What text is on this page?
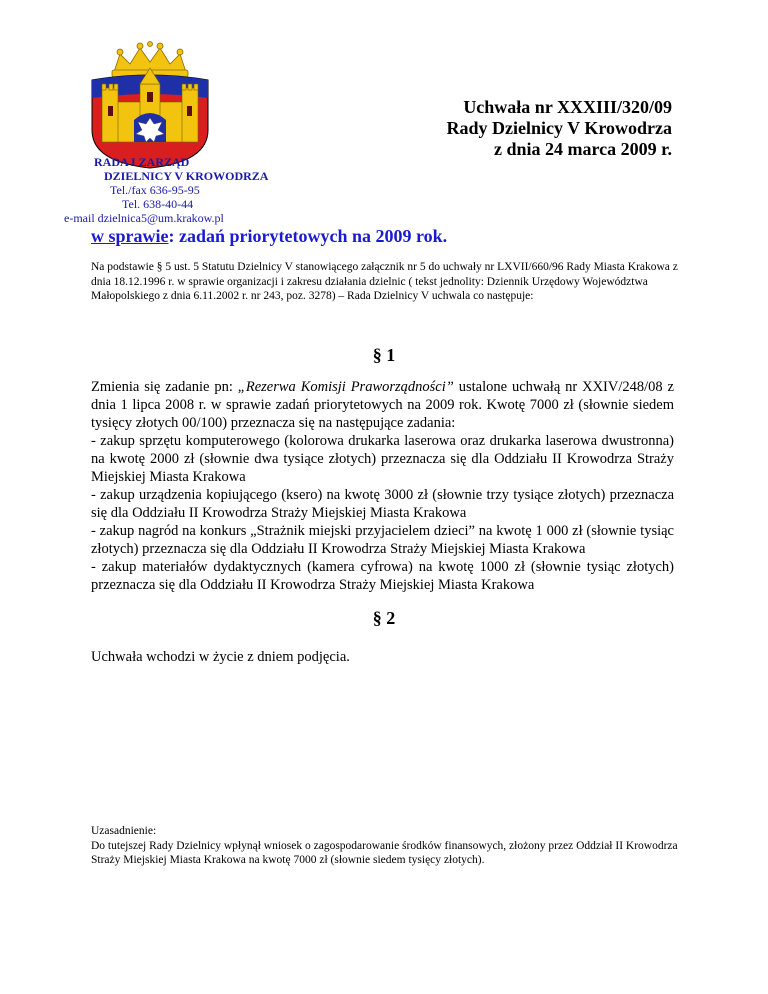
Uchwała nr XXXIII/320/09
Rady Dzielnicy V Krowodrza
z dnia 24 marca 2009 r.
RADA I ZARZĄD
DZIELNICY V KROWODRZA
Tel./fax 636-95-95
Tel. 638-40-44
e-mail dzielnica5@um.krakow.pl
w sprawie: zadań priorytetowych na 2009 rok.
Na podstawie § 5 ust. 5 Statutu Dzielnicy V stanowiącego załącznik nr 5 do uchwały nr LXVII/660/96 Rady Miasta Krakowa z dnia 18.12.1996 r. w sprawie organizacji i zakresu działania dzielnic ( tekst jednolity: Dziennik Urzędowy Województwa Małopolskiego z dnia 6.11.2002 r. nr 243, poz. 3278) – Rada Dzielnicy V uchwala co następuje:
§ 1
Zmienia się zadanie pn: „Rezerwa Komisji Praworządności” ustalone uchwałą nr XXIV/248/08 z dnia 1 lipca 2008 r. w sprawie zadań priorytetowych na 2009 rok. Kwotę 7000 zł (słownie siedem tysięcy złotych 00/100) przeznacza się na następujące zadania:
- zakup sprzętu komputerowego (kolorowa drukarka laserowa oraz drukarka laserowa dwustronna) na kwotę 2000 zł (słownie dwa tysiące złotych) przeznacza się dla Oddziału II Krowodrza Straży Miejskiej Miasta Krakowa
- zakup urządzenia kopiującego (ksero) na kwotę 3000 zł (słownie trzy tysiące złotych) przeznacza się dla Oddziału II Krowodrza Straży Miejskiej Miasta Krakowa
- zakup nagród na konkurs „Strażnik miejski przyjacielem dzieci” na kwotę 1 000 zł (słownie tysiąc złotych) przeznacza się dla Oddziału II Krowodrza Straży Miejskiej Miasta Krakowa
- zakup materiałów dydaktycznych (kamera cyfrowa) na kwotę 1000 zł (słownie tysiąc złotych) przeznacza się dla Oddziału II Krowodrza Straży Miejskiej Miasta Krakowa
§ 2
Uchwała wchodzi w życie z dniem podjęcia.
Uzasadnienie:
Do tutejszej Rady Dzielnicy wpłynął wniosek o zagospodarowanie środków finansowych, złożony przez Oddział II Krowodrza Straży Miejskiej Miasta Krakowa na kwotę 7000 zł (słownie siedem tysięcy złotych).
